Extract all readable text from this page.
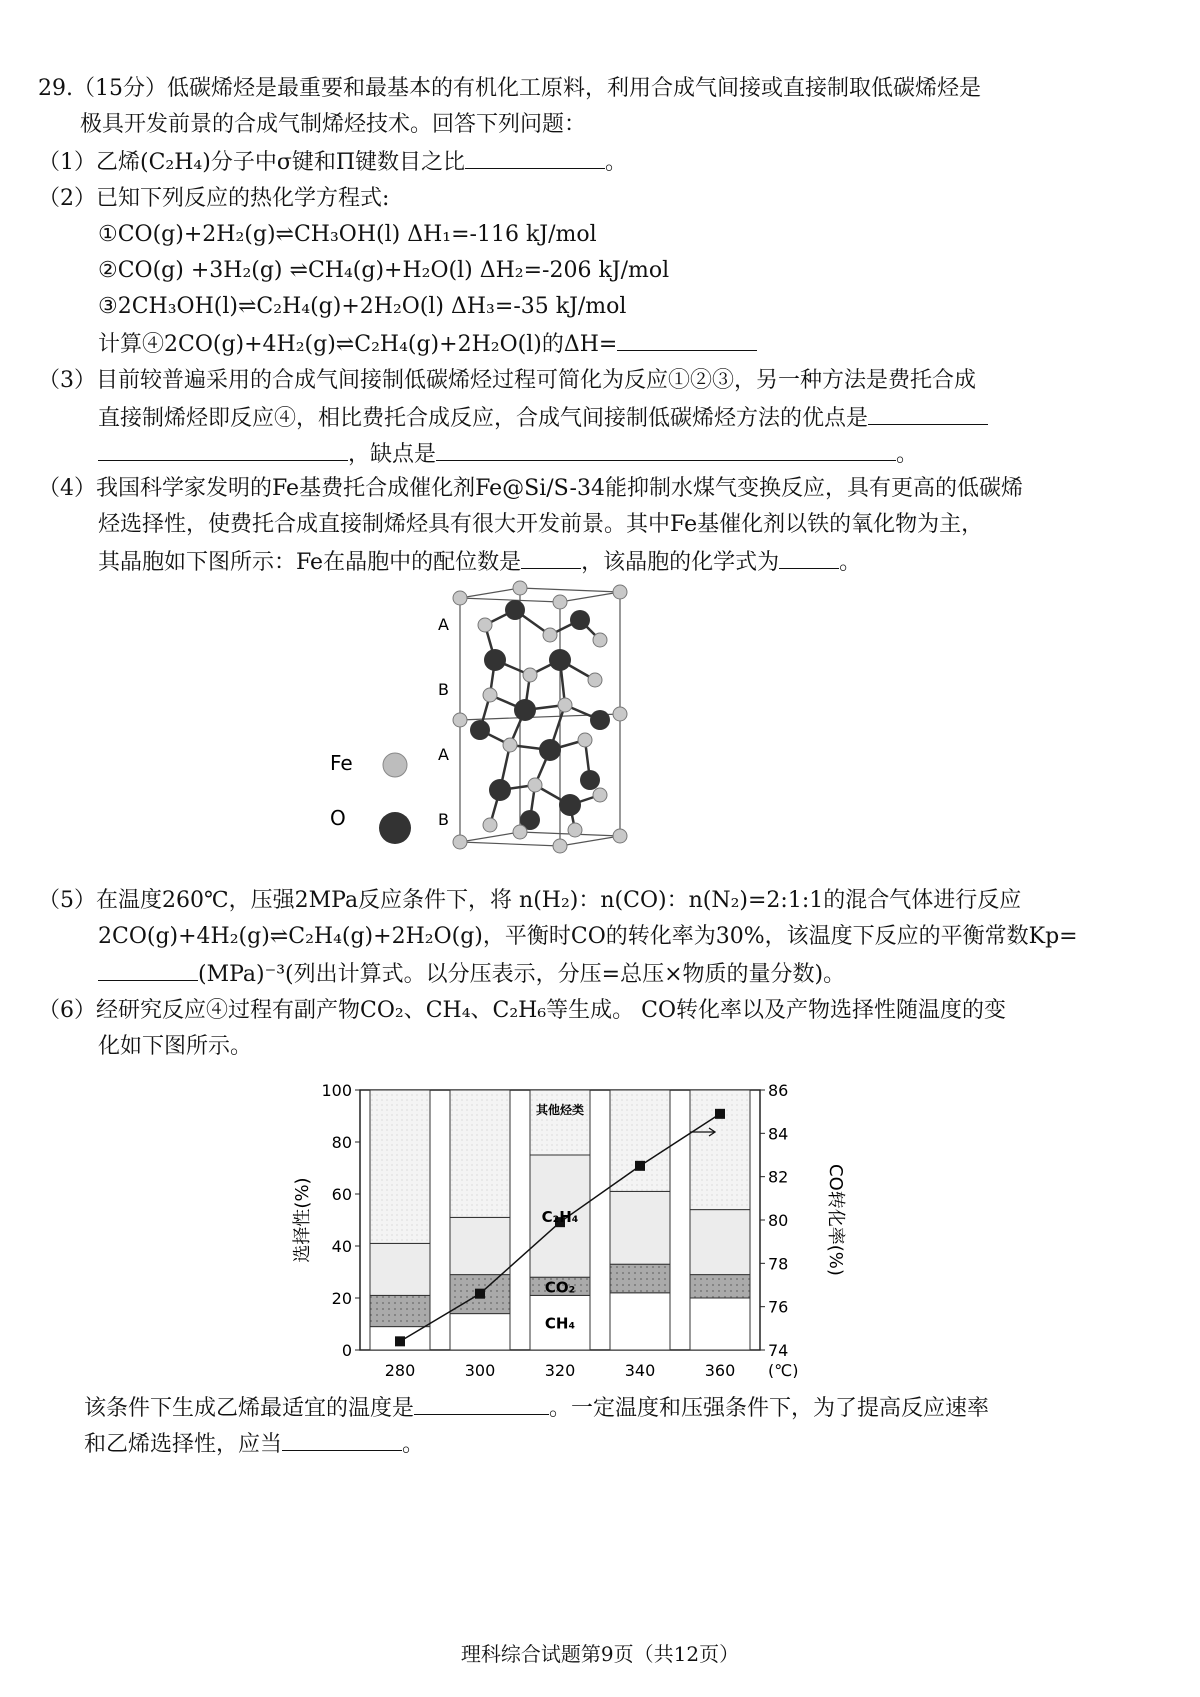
29.（15分）低碳烯烃是最重要和最基本的有机化工原料，利用合成气间接或直接制取低碳烯烃是
极具开发前景的合成气制烯烃技术。回答下列问题：
（1）乙烯(C₂H₄)分子中σ键和Π键数目之比	。
（2）已知下列反应的热化学方程式:
①CO(g)+2H₂(g)⇌CH₃OH(l) ΔH₁=-116 kJ/mol
②CO(g) +3H₂(g) ⇌CH₄(g)+H₂O(l) ΔH₂=-206 kJ/mol
③2CH₃OH(l)⇌C₂H₄(g)+2H₂O(l) ΔH₃=-35 kJ/mol
计算④2CO(g)+4H₂(g)⇌C₂H₄(g)+2H₂O(l)的ΔH=
（3）目前较普遍采用的合成气间接制低碳烯烃过程可简化为反应①②③，另一种方法是费托合成
直接制烯烃即反应④，相比费托合成反应，合成气间接制低碳烯烃方法的优点是
，缺点是	。
（4）我国科学家发明的Fe基费托合成催化剂Fe@Si/S-34能抑制水煤气变换反应，具有更高的低碳烯
烃选择性，使费托合成直接制烯烃具有很大开发前景。其中Fe基催化剂以铁的氧化物为主，
其晶胞如下图所示：Fe在晶胞中的配位数是	，该晶胞的化学式为	。
Fe
O
A
B
A
B
（5）在温度260℃，压强2MPa反应条件下，将 n(H₂)：n(CO)：n(N₂)=2:1:1的混合气体进行反应
2CO(g)+4H₂(g)⇌C₂H₄(g)+2H₂O(g)，平衡时CO的转化率为30%，该温度下反应的平衡常数Kp=
(MPa)⁻³(列出计算式。以分压表示，分压=总压×物质的量分数)。
（6）经研究反应④过程有副产物CO₂、CH₄、C₂H₆等生成。 CO转化率以及产物选择性随温度的变
化如下图所示。
0
20
40
60
80
100
74
76
78
80
82
84
86
280	300	320	340	360
CH₄
CO₂
C₂H₄
其他烃类
选择性(%)	CO转化率(%)
(℃)
该条件下生成乙烯最适宜的温度是	。一定温度和压强条件下，为了提高反应速率
和乙烯选择性，应当	。
理科综合试题第9页（共12页）
